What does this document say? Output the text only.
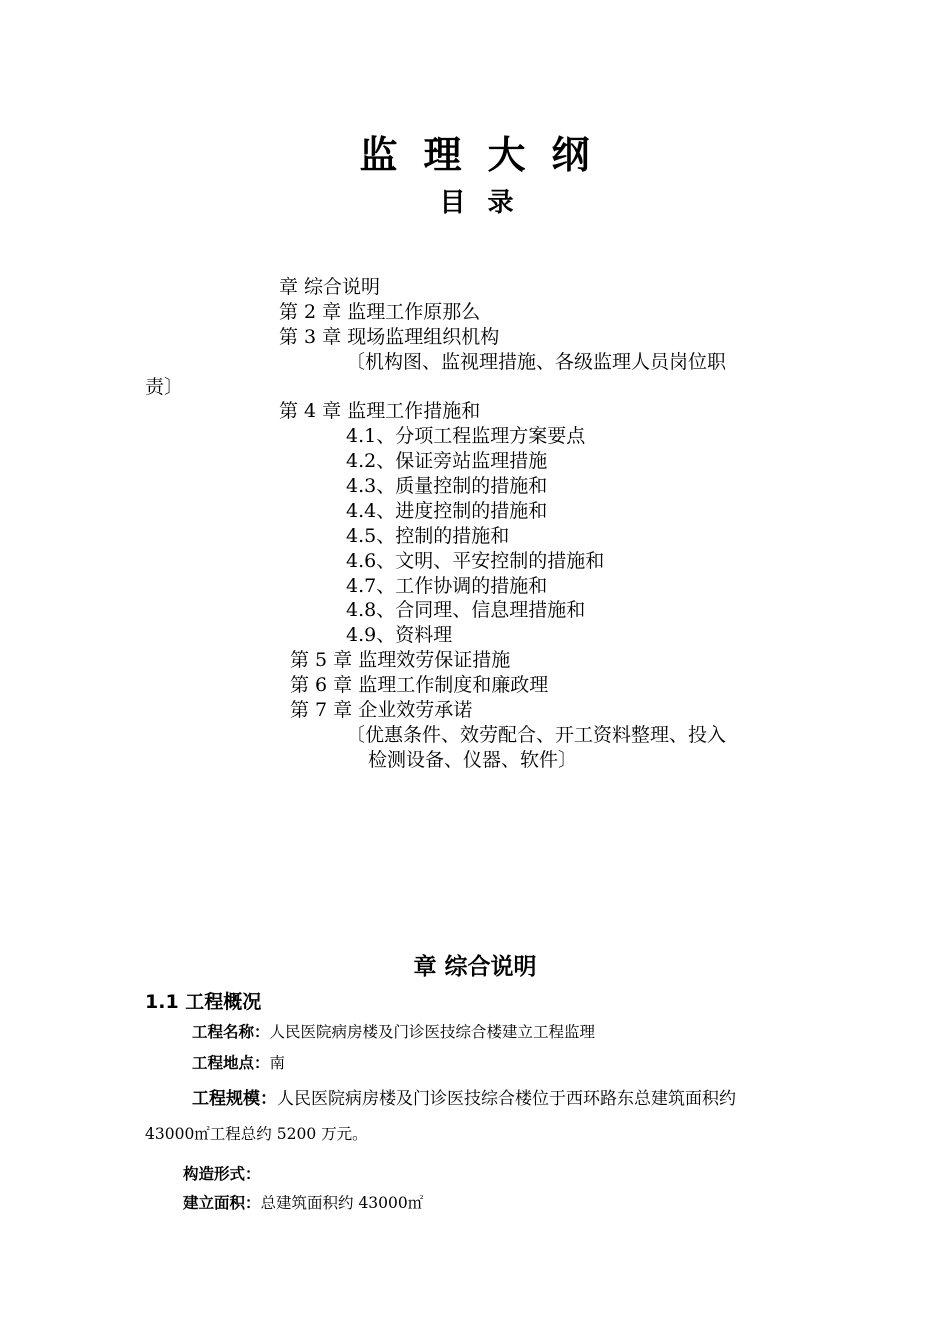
监理大纲
目录
章 综合说明
第 2 章 监理工作原那么
第 3 章 现场监理组织机构
〔机构图、监视理措施、各级监理人员岗位职
责〕
第 4 章 监理工作措施和
4.1、分项工程监理方案要点
4.2、保证旁站监理措施
4.3、质量控制的措施和
4.4、进度控制的措施和
4.5、控制的措施和
4.6、文明、平安控制的措施和
4.7、工作协调的措施和
4.8、合同理、信息理措施和
4.9、资料理
第 5 章 监理效劳保证措施
第 6 章 监理工作制度和廉政理
第 7 章 企业效劳承诺
〔优惠条件、效劳配合、开工资料整理、投入
检测设备、仪器、软件〕
章 综合说明
1.1 工程概况
工程名称：人民医院病房楼及门诊医技综合楼建立工程监理
工程地点：南
工程规模：人民医院病房楼及门诊医技综合楼位于西环路东总建筑面积约
43000㎡工程总约 5200 万元。
构造形式：
建立面积：总建筑面积约 43000㎡
